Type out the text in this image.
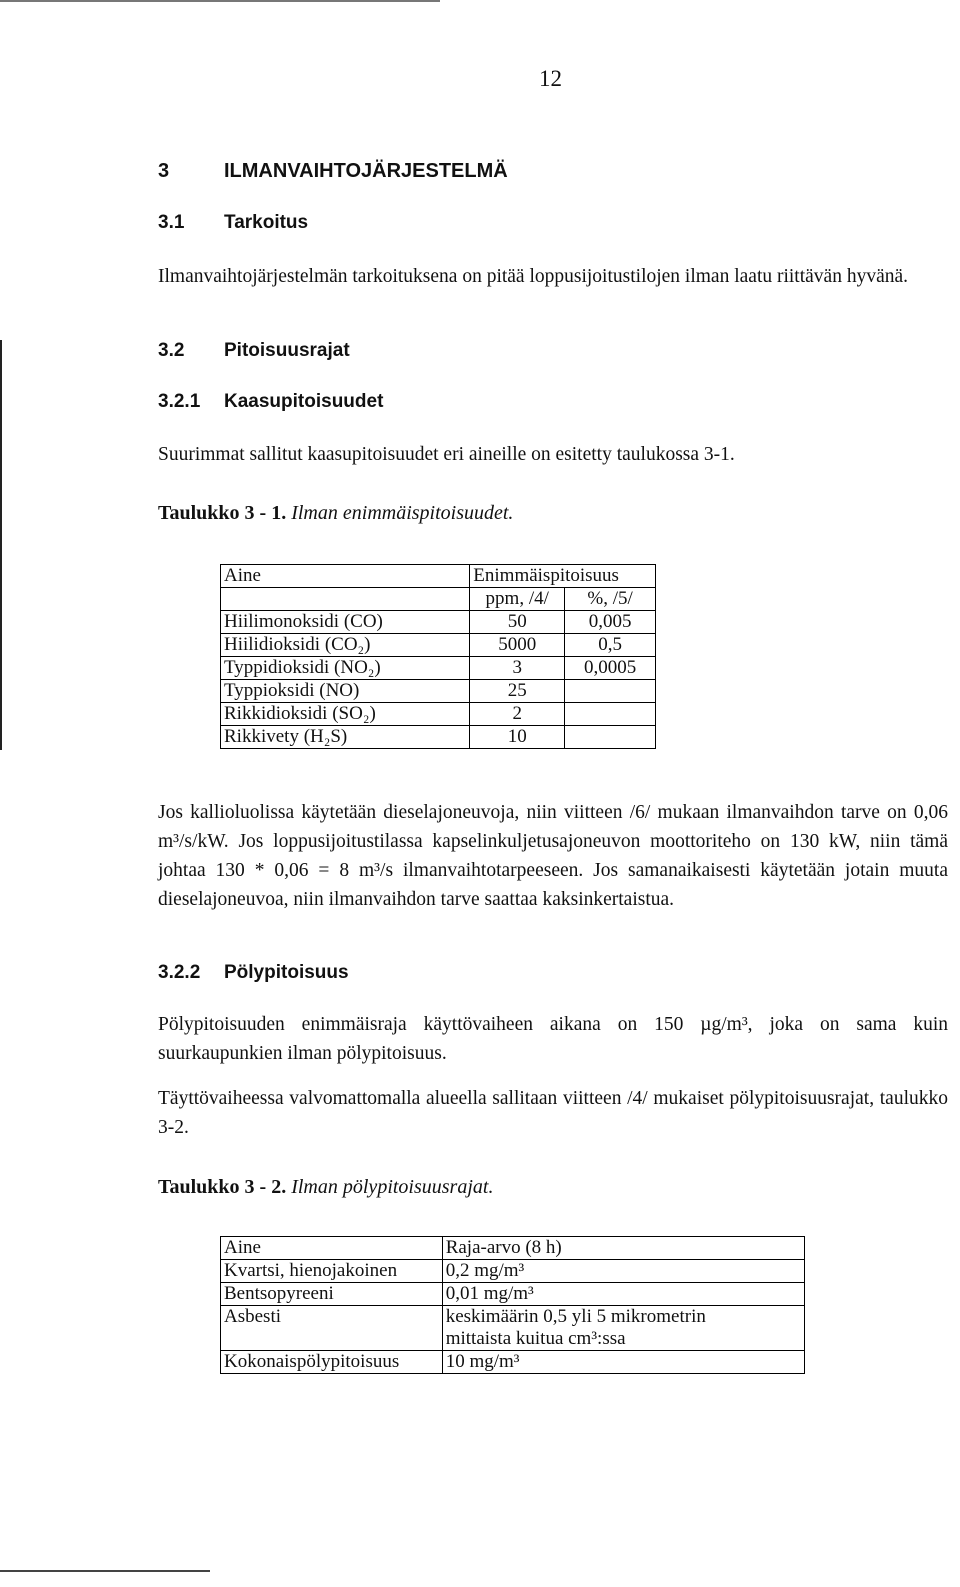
12
3	ILMANVAIHTOJÄRJESTELMÄ
3.1 Tarkoitus

Ilmanvaihtojärjestelmän tarkoituksena on pitää loppusijoitustilojen ilman laatu riittävän hyvänä.

3.2 Pitoisuusrajat
3.2.1 Kaasupitoisuudet

Suurimmat sallitut kaasupitoisuudet eri aineille on esitetty taulukossa 3-1.

Taulukko 3 - 1. Ilman enimmäispitoisuudet.
Aine	Enimmäispitoisuus	
	ppm, /4/	%, /5/
Hiilimonoksidi (CO)	50	0,005
Hiilidioksidi (CO₂)	5000	0,5
Typpidioksidi (NO₂)	3	0,0005
Typpioksidi (NO)	25	
Rikkidioksidi (SO₂)	2	
Rikkivety (H₂S)	10	

Jos kallioluolissa käytetään dieselajoneuvoja, niin viitteen /6/ mukaan ilmanvaihdon tarve on 0,06 m³/s/kW. Jos loppusijoitustilassa kapselinkuljetusajoneuvon moottoriteho on 130 kW, niin tämä johtaa 130 * 0,06 = 8 m³/s ilmanvaihtotarpeeseen. Jos samanaikaisesti käytetään jotain muuta dieselajoneuvoa, niin ilmanvaihdon tarve saattaa kaksinkertaistua.

3.2.2 Pölypitoisuus

Pölypitoisuuden enimmäisraja käyttövaiheen aikana on 150 µg/m³, joka on sama kuin suurkaupunkien ilman pölypitoisuus.

Täyttövaiheessa valvomattomalla alueella sallitaan viitteen /4/ mukaiset pölypitoisuusrajat, taulukko 3-2.

Taulukko 3 - 2. Ilman pölypitoisuusrajat.
Aine	Raja-arvo (8 h)
Kvartsi, hienojakoinen	0,2 mg/m³
Bentsopyreeni	0,01 mg/m³
Asbesti	keskimäärin 0,5 yli 5 mikrometrin
mittaista kuitua cm³:ssa

Kokonaispölypitoisuus	10 mg/m³
